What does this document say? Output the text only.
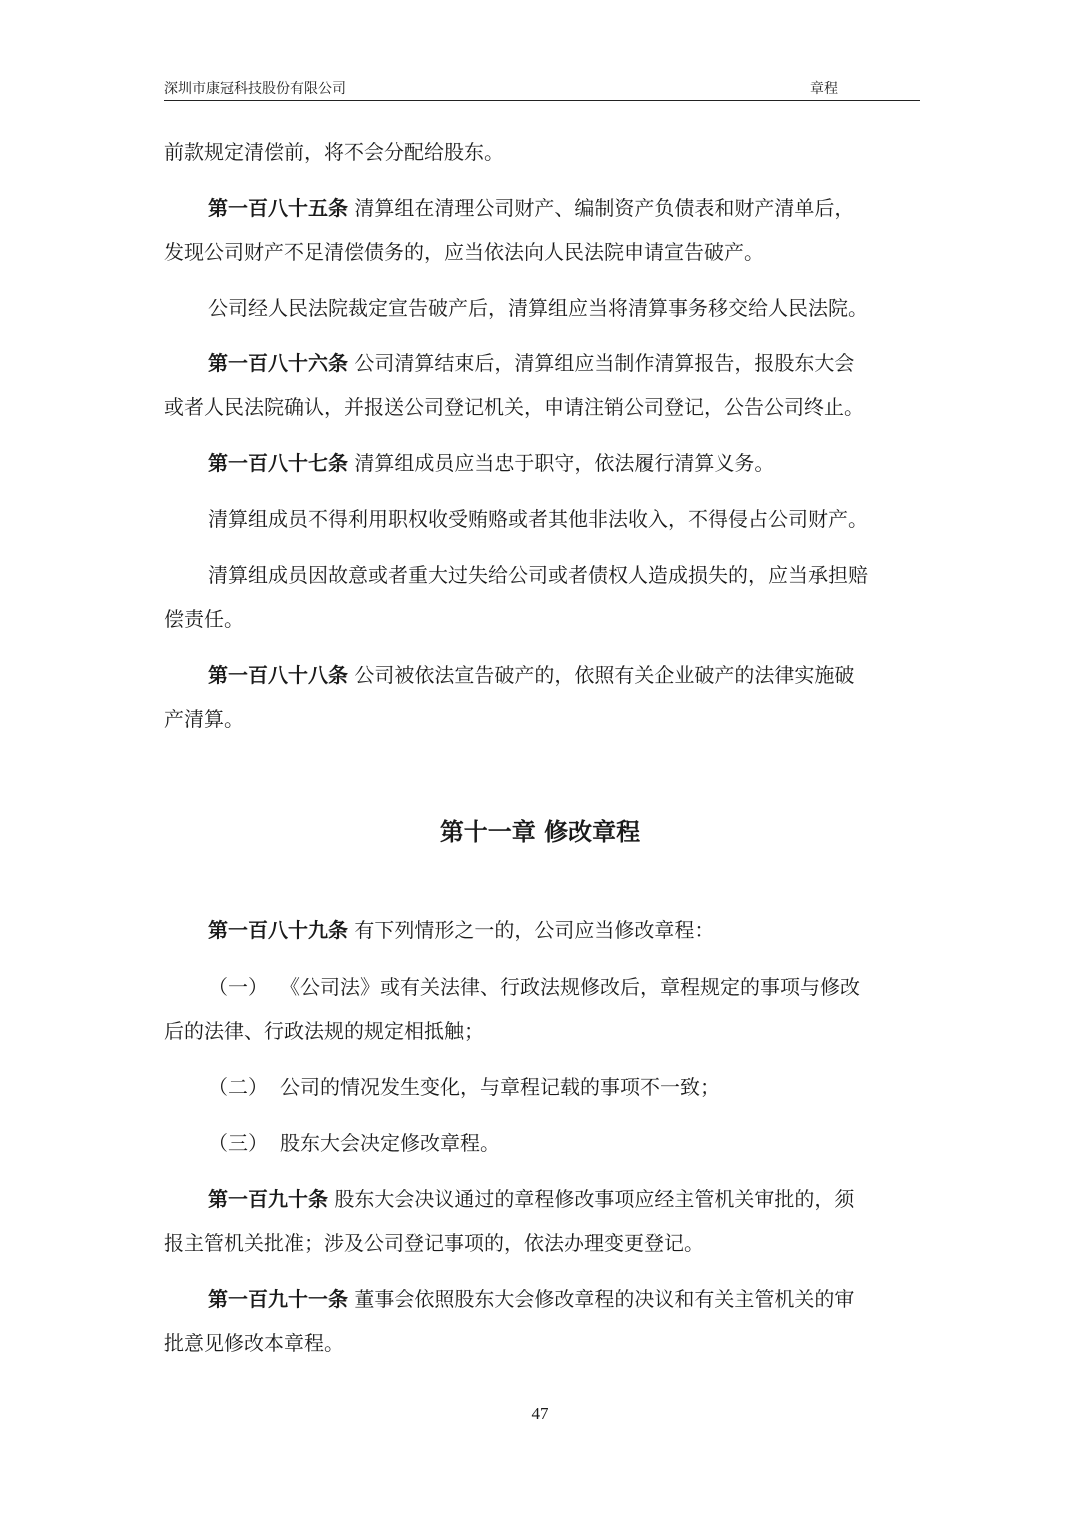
深圳市康冠科技股份有限公司	章程
前款规定清偿前，将不会分配给股东。
第一百八十五条 清算组在清理公司财产、编制资产负债表和财产清单后，
发现公司财产不足清偿债务的，应当依法向人民法院申请宣告破产。
公司经人民法院裁定宣告破产后，清算组应当将清算事务移交给人民法院。
第一百八十六条 公司清算结束后，清算组应当制作清算报告，报股东大会
或者人民法院确认，并报送公司登记机关，申请注销公司登记，公告公司终止。
第一百八十七条 清算组成员应当忠于职守，依法履行清算义务。
清算组成员不得利用职权收受贿赂或者其他非法收入，不得侵占公司财产。
清算组成员因故意或者重大过失给公司或者债权人造成损失的，应当承担赔
偿责任。
第一百八十八条 公司被依法宣告破产的，依照有关企业破产的法律实施破
产清算。
第十一章 修改章程
第一百八十九条 有下列情形之一的，公司应当修改章程：
（一） 《公司法》或有关法律、行政法规修改后，章程规定的事项与修改
后的法律、行政法规的规定相抵触；
（二） 公司的情况发生变化，与章程记载的事项不一致；
（三） 股东大会决定修改章程。
第一百九十条 股东大会决议通过的章程修改事项应经主管机关审批的，须
报主管机关批准；涉及公司登记事项的，依法办理变更登记。
第一百九十一条 董事会依照股东大会修改章程的决议和有关主管机关的审
批意见修改本章程。
47
